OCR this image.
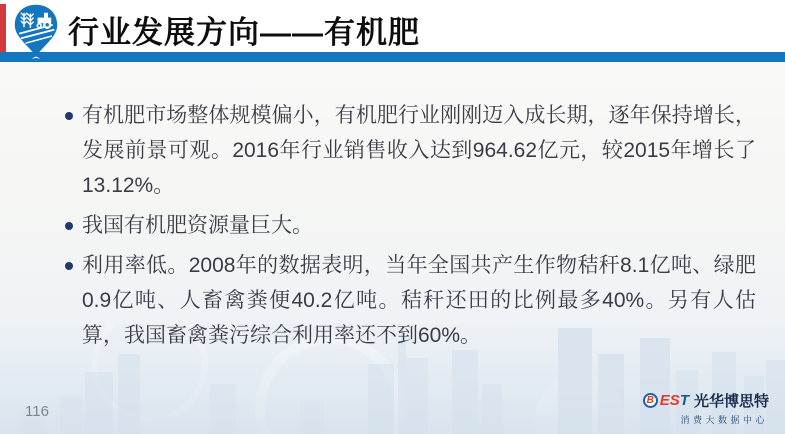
行业发展方向——有机肥
有机肥市场整体规模偏小，有机肥行业刚刚迈入成长期，逐年保持增长，发展前景可观。2016年行业销售收入达到964.62亿元，较2015年增长了13.12%。
我国有机肥资源量巨大。
利用率低。2008年的数据表明，当年全国共产生作物秸秆8.1亿吨、绿肥0.9亿吨、人畜禽粪便40.2亿吨。秸秆还田的比例最多40%。另有人估算，我国畜禽粪污综合利用率还不到60%。
116
B EST 光华博思特
消费大数据中心
